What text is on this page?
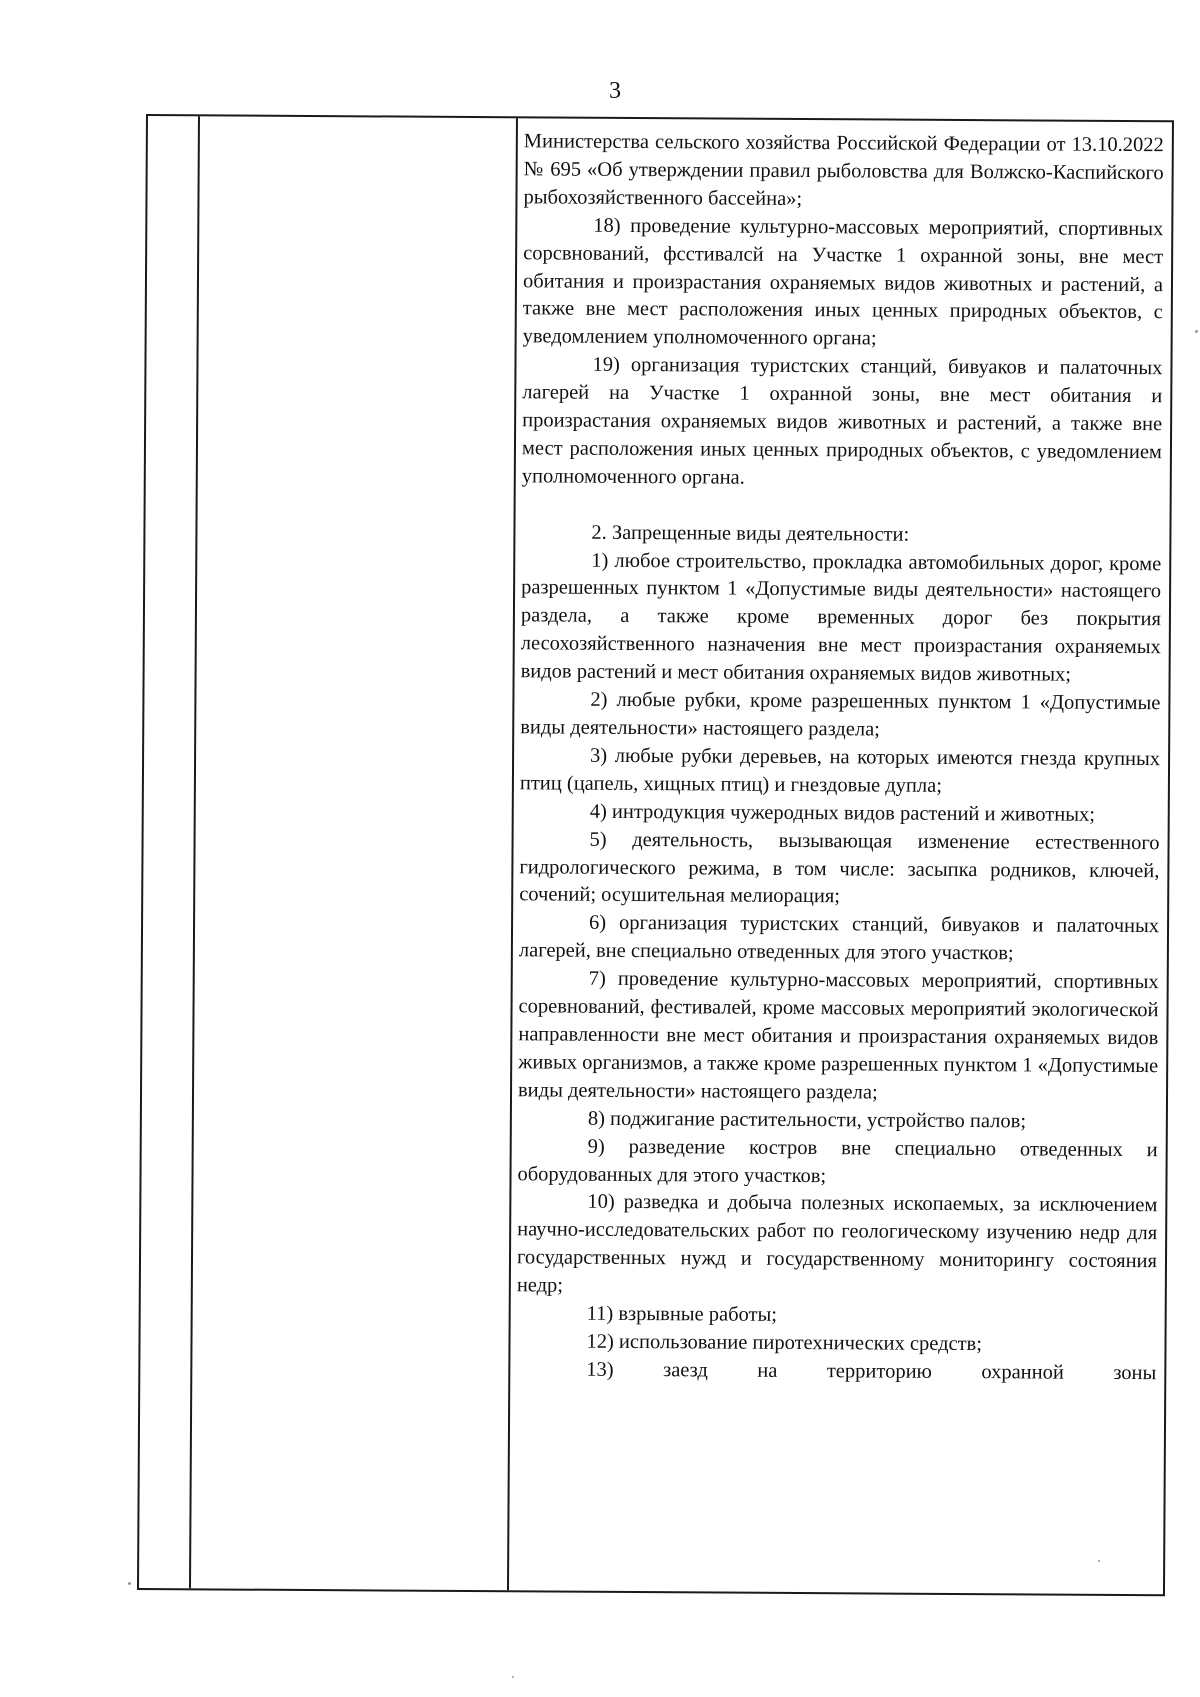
3

Министерства сельского хозяйства Российской Федерации от 13.10.2022 № 695 «Об утверждении правил рыболовства для Волжско-Каспийского рыбохозяйственного бассейна»;

18) проведение культурно-массовых мероприятий, спортивных сорсвнований, фсстивалсй на Участке 1 охранной зоны, вне мест обитания и произрастания охраняемых видов животных и растений, а также вне мест расположения иных ценных природных объектов, с уведомлением уполномоченного органа;

19) организация туристских станций, бивуаков и палаточных лагерей на Участке 1 охранной зоны, вне мест обитания и произрастания охраняемых видов животных и растений, а также вне мест расположения иных ценных природных объектов, с уведомлением уполномоченного органа.

2. Запрещенные виды деятельности:

1) любое строительство, прокладка автомобильных дорог, кроме разрешенных пунктом 1 «Допустимые виды деятельности» настоящего раздела, а также кроме временных дорог без покрытия лесохозяйственного назначения вне мест произрастания охраняемых видов растений и мест обитания охраняемых видов животных;

2) любые рубки, кроме разрешенных пунктом 1 «Допустимые виды деятельности» настоящего раздела;

3) любые рубки деревьев, на которых имеются гнезда крупных птиц (цапель, хищных птиц) и гнездовые дупла;

4) интродукция чужеродных видов растений и животных;

5) деятельность, вызывающая изменение естественного гидрологического режима, в том числе: засыпка родников, ключей, сочений; осушительная мелиорация;

6) организация туристских станций, бивуаков и палаточных лагерей, вне специально отведенных для этого участков;

7) проведение культурно-массовых мероприятий, спортивных соревнований, фестивалей, кроме массовых мероприятий экологической направленности вне мест обитания и произрастания охраняемых видов живых организмов, а также кроме разрешенных пунктом 1 «Допустимые виды деятельности» настоящего раздела;

8) поджигание растительности, устройство палов;

9) разведение костров вне специально отведенных и оборудованных для этого участков;

10) разведка и добыча полезных ископаемых, за исключением научно-исследовательских работ по геологическому изучению недр для государственных нужд и государственному мониторингу состояния недр;

11) взрывные работы;

12) использование пиротехнических средств;

13) заезд на территорию охранной зоны
